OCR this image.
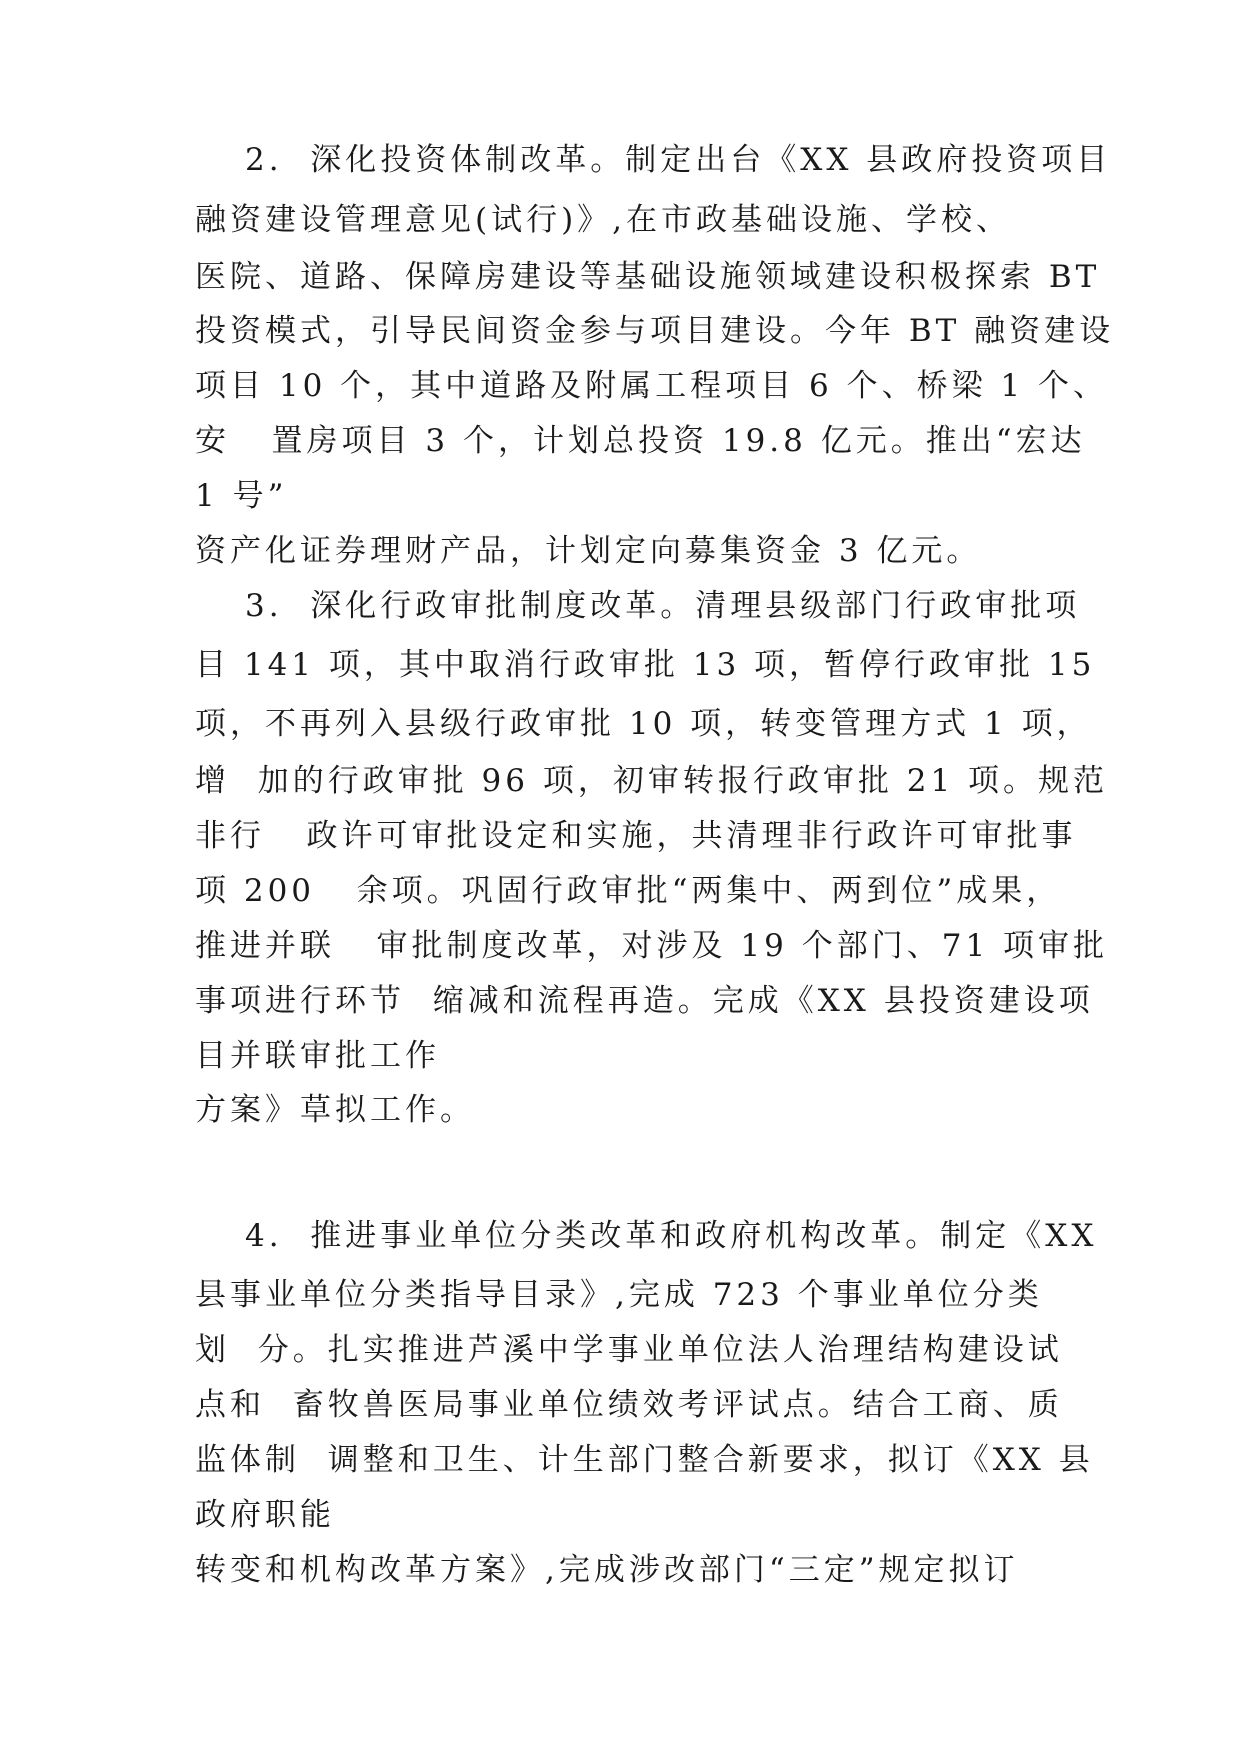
2.  深化投资体制改革。制定出台《XX 县政府投资项目
融资建设管理意见(试行)》,在市政基础设施、学校、
医院、道路、保障房建设等基础设施领域建设积极探索 BT
投资模式，引导民间资金参与项目建设。今年 BT 融资建设
项目 10 个，其中道路及附属工程项目 6 个、桥梁 1 个、
安   置房项目 3 个，计划总投资 19.8 亿元。推出“宏达
1 号”
资产化证券理财产品，计划定向募集资金 3 亿元。
3.  深化行政审批制度改革。清理县级部门行政审批项
目 141 项，其中取消行政审批 13 项，暂停行政审批 15
项，不再列入县级行政审批 10 项，转变管理方式 1 项，
增  加的行政审批 96 项，初审转报行政审批 21 项。规范
非行   政许可审批设定和实施，共清理非行政许可审批事
项 200   余项。巩固行政审批“两集中、两到位”成果，
推进并联   审批制度改革，对涉及 19 个部门、71 项审批
事项进行环节  缩减和流程再造。完成《XX 县投资建设项
目并联审批工作
方案》草拟工作。
4.  推进事业单位分类改革和政府机构改革。制定《XX
县事业单位分类指导目录》,完成 723 个事业单位分类
划  分。扎实推进芦溪中学事业单位法人治理结构建设试
点和  畜牧兽医局事业单位绩效考评试点。结合工商、质
监体制  调整和卫生、计生部门整合新要求，拟订《XX 县
政府职能
转变和机构改革方案》,完成涉改部门“三定”规定拟订
